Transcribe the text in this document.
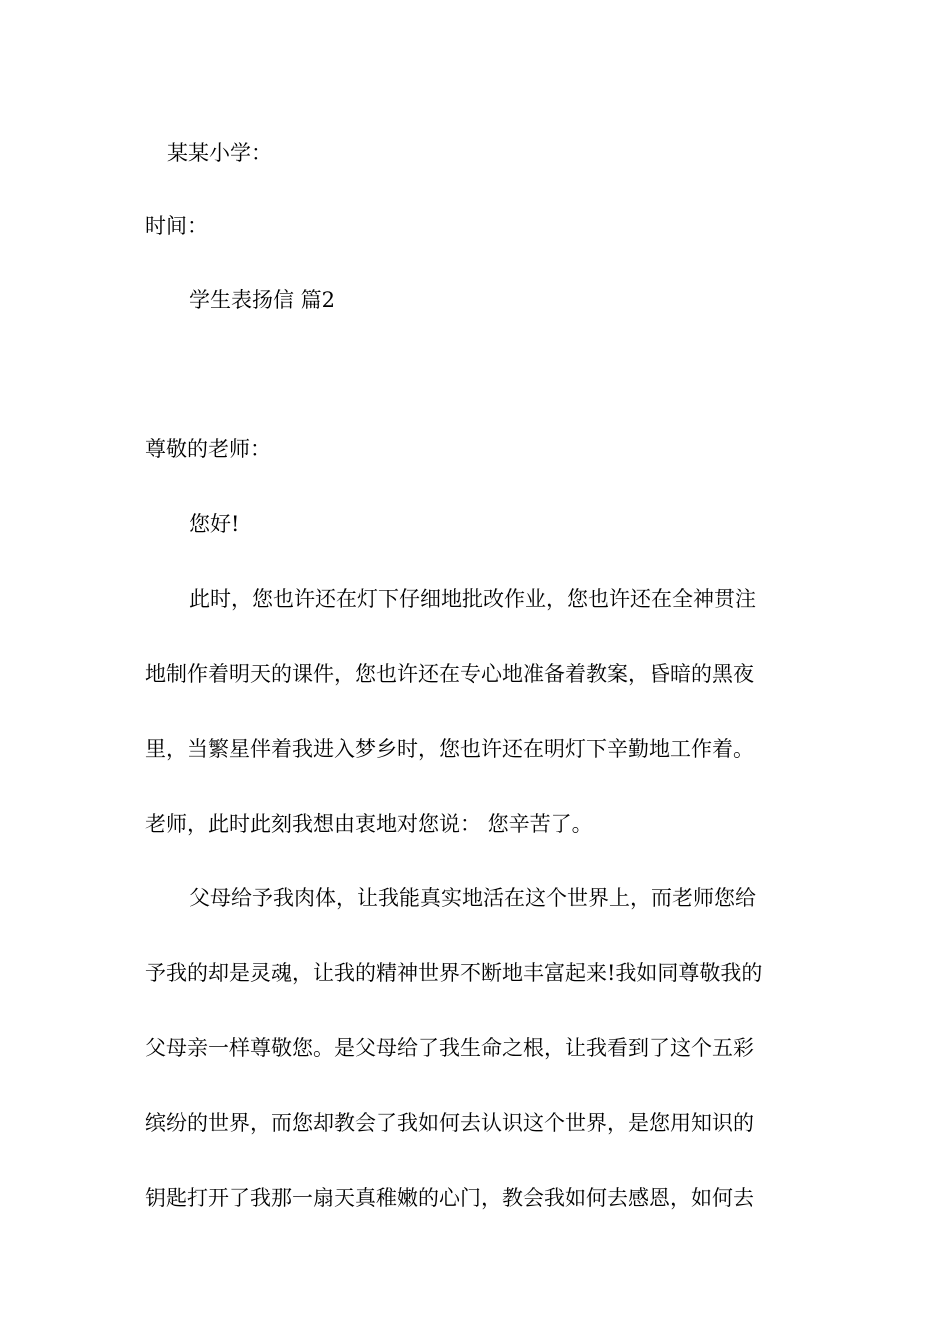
某某小学：
时间：
学生表扬信 篇2
尊敬的老师：
您好!
此时，您也许还在灯下仔细地批改作业，您也许还在全神贯注
地制作着明天的课件，您也许还在专心地准备着教案，昏暗的黑夜
里，当繁星伴着我进入梦乡时，您也许还在明灯下辛勤地工作着。
老师，此时此刻我想由衷地对您说： 您辛苦了。
父母给予我肉体，让我能真实地活在这个世界上，而老师您给
予我的却是灵魂，让我的精神世界不断地丰富起来!我如同尊敬我的
父母亲一样尊敬您。是父母给了我生命之根，让我看到了这个五彩
缤纷的世界，而您却教会了我如何去认识这个世界，是您用知识的
钥匙打开了我那一扇天真稚嫩的心门，教会我如何去感恩，如何去
